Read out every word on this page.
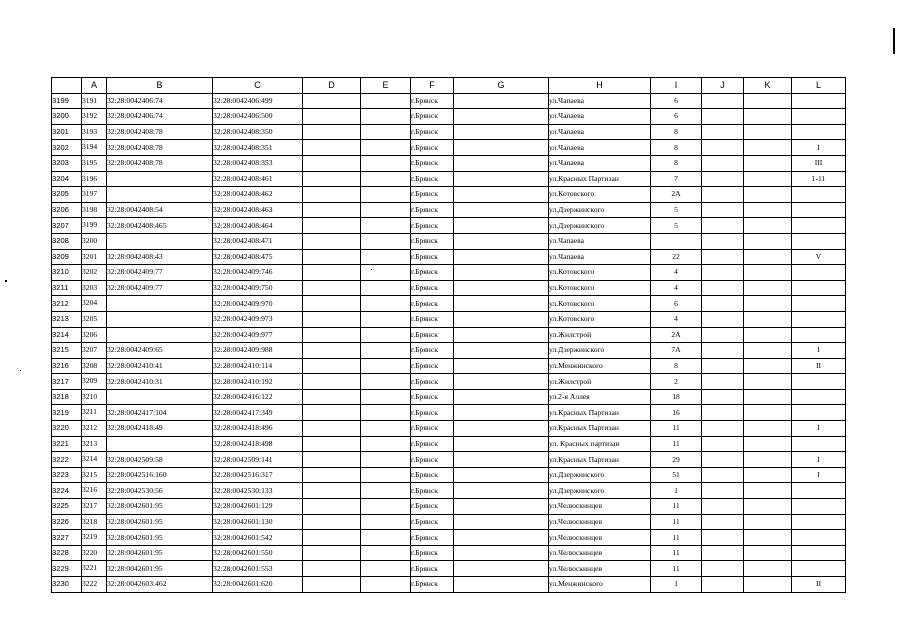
	A	B	C	D	E	F	G	H	I	J	K	L
3199	3191	32:28:0042406:74	32:28:0042406:499			г.Брянск		ул.Чапаева	6			
3200	3192	32:28:0042406:74	32:28:0042406:500			г.Брянск		ул.Чапаева	6			
3201	3193	32:28:0042408:78	32:28:0042408:350			г.Брянск		ул.Чапаева	8			
3202	3194	32:28:0042408:78	32:28:0042408:351			г.Брянск		ул.Чапаева	8			I
3203	3195	32:28:0042408:78	32:28:0042408:353			г.Брянск		ул.Чапаева	8			III
3204	3196		32:28:0042408:461			г.Брянск		ул.Красных Партизан	7			1-11
3205	3197		32:28:0042408:462			г.Брянск		ул.Котовского	2А			
3206	3198	32:28:0042408:54	32:28:0042408:463			г.Брянск		ул.Дзержинского	5			
3207	3199	32:28:0042408:465	32:28:0042408:464			г.Брянск		ул.Дзержинского	5			
3208	3200		32:28:0042408:471			г.Брянск		ул.Чапаева				
3209	3201	32:28:0042408:43	32:28:0042408:475			г.Брянск		ул.Чапаева	22			V
3210	3202	32:28:0042409:77	32:28:0042409:746			г.Брянск		ул.Котовского	4			
3211	3203	32:28:0042409:77	32:28:0042409:750			г.Брянск		ул.Котовского	4			
3212	3204		32:28:0042409:970			г.Брянск		ул.Котовского	6			
3213	3205		32:28:0042409:973			г.Брянск		ул.Котовского	4			
3214	3206		32:28:0042409:977			г.Брянск		ул.Жилстрой	2А			
3215	3207	32:28:0042409:65	32:28:0042409:988			г.Брянск		ул.Дзержинского	7А			I
3216	3208	32:28:0042410:41	32:28:0042410:114			г.Брянск		ул.Менжинского	8			II
3217	3209	32:28:0042410:31	32:28:0042410:192			г.Брянск		ул.Жилстрой	2			
3218	3210		32:28:0042416:122			г.Брянск		ул.2-я Аллея	18			
3219	3211	32:28:0042417:104	32:28:0042417:349			г.Брянск		ул.Красных Партизан	16			
3220	3212	32:28:0042418:49	32:28:0042418:496			г.Брянск		ул.Красных Партизан	11			I
3221	3213		32:28:0042418:498			г.Брянск		ул. Красных партизан	11			
3222	3214	32:28:0042509:58	32:28:0042509:141			г.Брянск		ул.Красных Партизан	29			I
3223	3215	32:28:0042516:160	32:28:0042516:317			г.Брянск		ул.Дзержинского	51			I
3224	3216	32:28:0042530:56	32:28:0042530:133			г.Брянск		ул.Дзержинского	1			
3225	3217	32:28:0042601:95	32:28:0042601:129			г.Брянск		ул.Челюскинцев	11			
3226	3218	32:28:0042601:95	32:28:0042601:130			г.Брянск		ул.Челюскинцев	11			
3227	3219	32:28:0042601:95	32:28:0042601:542			г.Брянск		ул.Челюскинцев	11			
3228	3220	32:28:0042601:95	32:28:0042601:550			г.Брянск		ул.Челюскинцев	11			
3229	3221	32:28:0042601:95	32:28:0042601:553			г.Брянск		ул.Челюскинцев	11			
3230	3222	32:28:0042603:462	32:28:0042601:620			г.Брянск		ул.Менжинского	1			II
